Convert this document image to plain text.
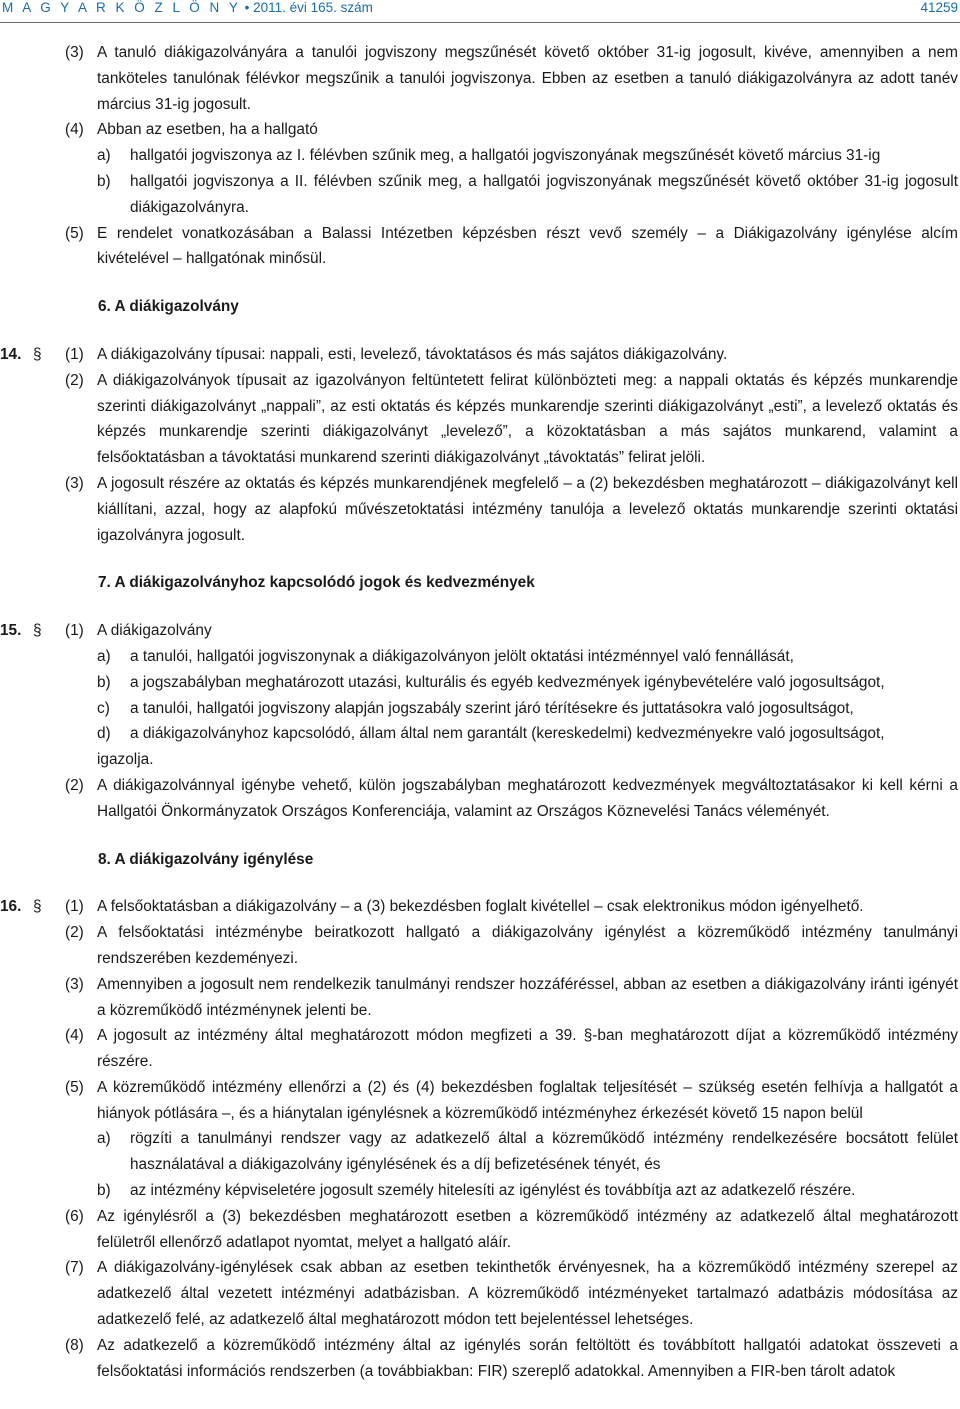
M A G Y A R K Ö Z L Ö N Y • 2011. évi 165. szám	41259
(3) A tanuló diákigazolványára a tanulói jogviszony megszűnését követő október 31-ig jogosult, kivéve, amennyiben a nem tanköteles tanulónak félévkor megszűnik a tanulói jogviszonya. Ebben az esetben a tanuló diákigazolványra az adott tanév március 31-ig jogosult.
(4) Abban az esetben, ha a hallgató
a)	hallgatói jogviszonya az I. félévben szűnik meg, a hallgatói jogviszonyának megszűnését követő március 31-ig
b)	hallgatói jogviszonya a II. félévben szűnik meg, a hallgatói jogviszonyának megszűnését követő október 31-ig jogosult diákigazolványra.
(5) E rendelet vonatkozásában a Balassi Intézetben képzésben részt vevő személy – a Diákigazolvány igénylése alcím kivételével – hallgatónak minősül.
6. A diákigazolvány
14. §	(1) A diákigazolvány típusai: nappali, esti, levelező, távoktatásos és más sajátos diákigazolvány.
(2) A diákigazolványok típusait az igazolványon feltüntetett felirat különbözteti meg: a nappali oktatás és képzés munkarendje szerinti diákigazolványt „nappali”, az esti oktatás és képzés munkarendje szerinti diákigazolványt „esti”, a levelező oktatás és képzés munkarendje szerinti diákigazolványt „levelező”, a közoktatásban a más sajátos munkarend, valamint a felsőoktatásban a távoktatási munkarend szerinti diákigazolványt „távoktatás” felirat jelöli.
(3) A jogosult részére az oktatás és képzés munkarendjének megfelelő – a (2) bekezdésben meghatározott – diákigazolványt kell kiállítani, azzal, hogy az alapfokú művészetoktatási intézmény tanulója a levelező oktatás munkarendje szerinti oktatási igazolványra jogosult.
7. A diákigazolványhoz kapcsolódó jogok és kedvezmények
15. §	(1) A diákigazolvány
a)	a tanulói, hallgatói jogviszonynak a diákigazolványon jelölt oktatási intézménnyel való fennállását,
b)	a jogszabályban meghatározott utazási, kulturális és egyéb kedvezmények igénybevételére való jogosultságot,
c)	a tanulói, hallgatói jogviszony alapján jogszabály szerint járó térítésekre és juttatásokra való jogosultságot,
d)	a diákigazolványhoz kapcsolódó, állam által nem garantált (kereskedelmi) kedvezményekre való jogosultságot,
igazolja.
(2) A diákigazolvánnyal igénybe vehető, külön jogszabályban meghatározott kedvezmények megváltoztatásakor ki kell kérni a Hallgatói Önkormányzatok Országos Konferenciája, valamint az Országos Köznevelési Tanács véleményét.
8. A diákigazolvány igénylése
16. §	(1) A felsőoktatásban a diákigazolvány – a (3) bekezdésben foglalt kivétellel – csak elektronikus módon igényelhető.
(2) A felsőoktatási intézménybe beiratkozott hallgató a diákigazolvány igénylést a közreműködő intézmény tanulmányi rendszerében kezdeményezi.
(3) Amennyiben a jogosult nem rendelkezik tanulmányi rendszer hozzáféréssel, abban az esetben a diákigazolvány iránti igényét a közreműködő intézménynek jelenti be.
(4) A jogosult az intézmény által meghatározott módon megfizeti a 39. §-ban meghatározott díjat a közreműködő intézmény részére.
(5) A közreműködő intézmény ellenőrzi a (2) és (4) bekezdésben foglaltak teljesítését – szükség esetén felhívja a hallgatót a hiányok pótlására –, és a hiánytalan igénylésnek a közreműködő intézményhez érkezését követő 15 napon belül
a)	rögzíti a tanulmányi rendszer vagy az adatkezelő által a közreműködő intézmény rendelkezésére bocsátott felület használatával a diákigazolvány igénylésének és a díj befizetésének tényét, és
b)	az intézmény képviseletére jogosult személy hitelesíti az igénylést és továbbítja azt az adatkezelő részére.
(6) Az igénylésről a (3) bekezdésben meghatározott esetben a közreműködő intézmény az adatkezelő által meghatározott felületről ellenőrző adatlapot nyomtat, melyet a hallgató aláír.
(7) A diákigazolvány-igénylések csak abban az esetben tekinthetők érvényesnek, ha a közreműködő intézmény szerepel az adatkezelő által vezetett intézményi adatbázisban. A közreműködő intézményeket tartalmazó adatbázis módosítása az adatkezelő felé, az adatkezelő által meghatározott módon tett bejelentéssel lehetséges.
(8) Az adatkezelő a közreműködő intézmény által az igénylés során feltöltött és továbbított hallgatói adatokat összeveti a felsőoktatási információs rendszerben (a továbbiakban: FIR) szereplő adatokkal. Amennyiben a FIR-ben tárolt adatok
